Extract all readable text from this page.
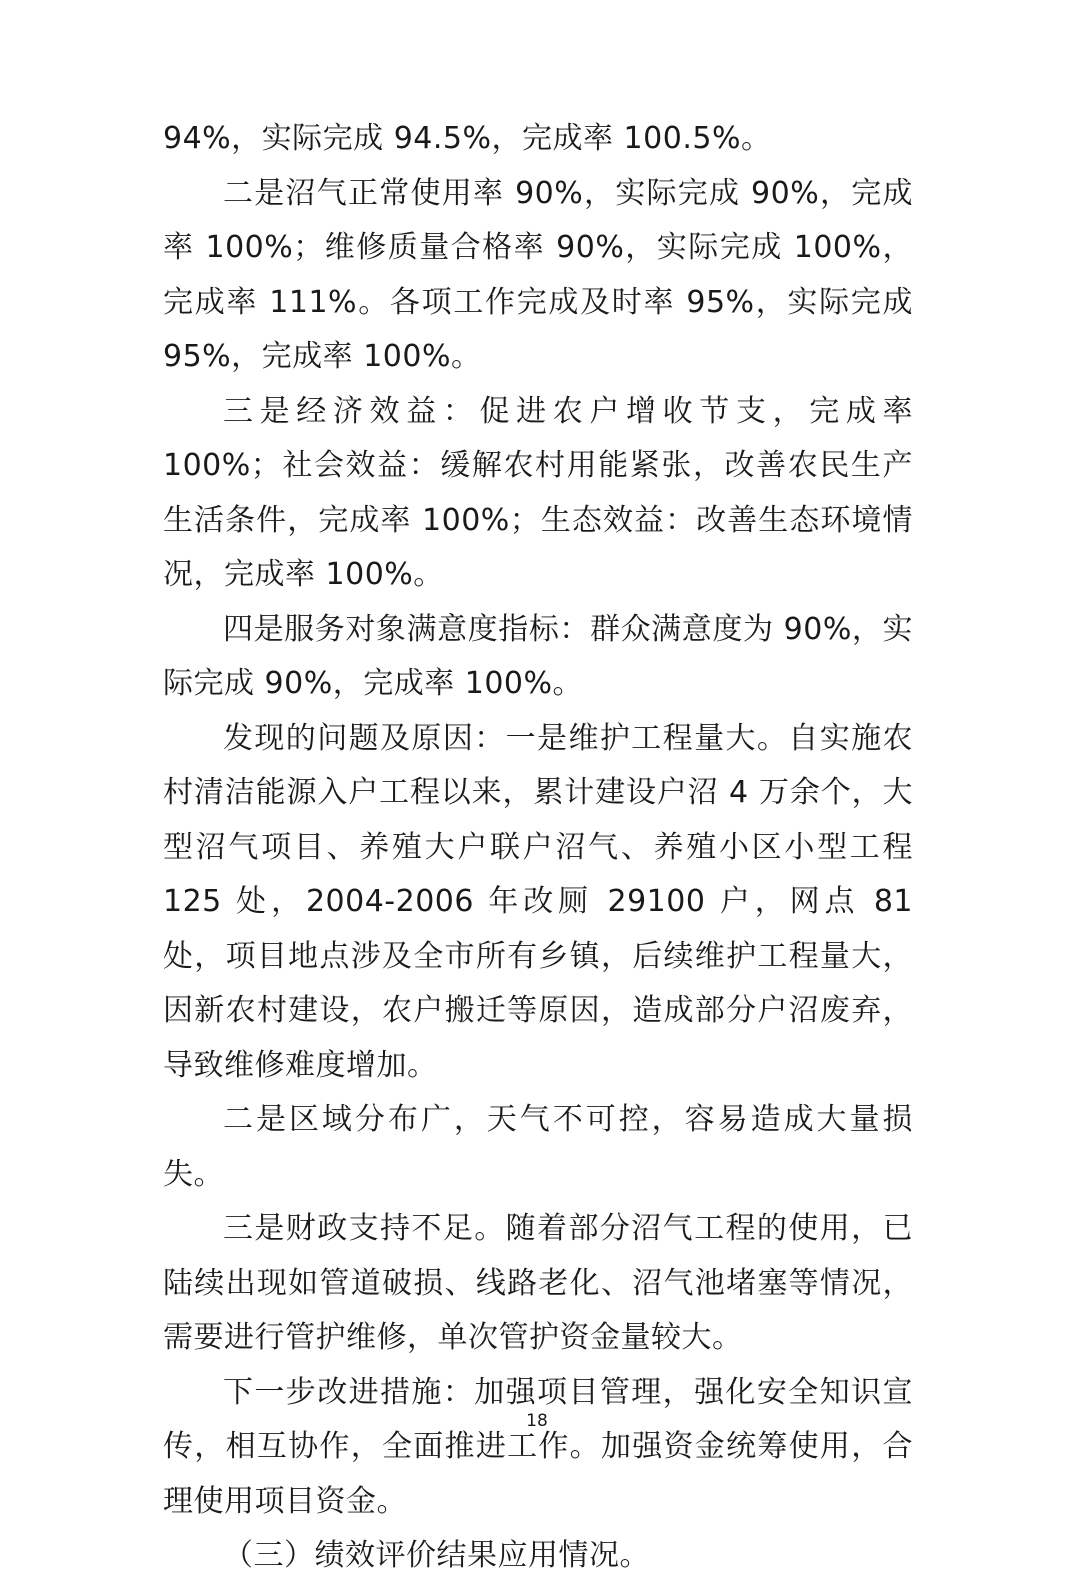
94%，实际完成 94.5%，完成率 100.5%。

二是沼气正常使用率 90%，实际完成 90%，完成率 100%；维修质量合格率 90%，实际完成 100%，完成率 111%。各项工作完成及时率 95%，实际完成 95%，完成率 100%。

三是经济效益：促进农户增收节支，完成率 100%；社会效益：缓解农村用能紧张，改善农民生产生活条件，完成率 100%；生态效益：改善生态环境情况，完成率 100%。

四是服务对象满意度指标：群众满意度为 90%，实际完成 90%，完成率 100%。

发现的问题及原因：一是维护工程量大。自实施农村清洁能源入户工程以来，累计建设户沼 4 万余个，大型沼气项目、养殖大户联户沼气、养殖小区小型工程 125 处，2004-2006 年改厕 29100 户，网点 81 处，项目地点涉及全市所有乡镇，后续维护工程量大，因新农村建设，农户搬迁等原因，造成部分户沼废弃，导致维修难度增加。

二是区域分布广，天气不可控，容易造成大量损失。

三是财政支持不足。随着部分沼气工程的使用，已陆续出现如管道破损、线路老化、沼气池堵塞等情况，需要进行管护维修，单次管护资金量较大。

下一步改进措施：加强项目管理，强化安全知识宣传，相互协作，全面推进工作。加强资金统筹使用，合理使用项目资金。

（三）绩效评价结果应用情况。

18
